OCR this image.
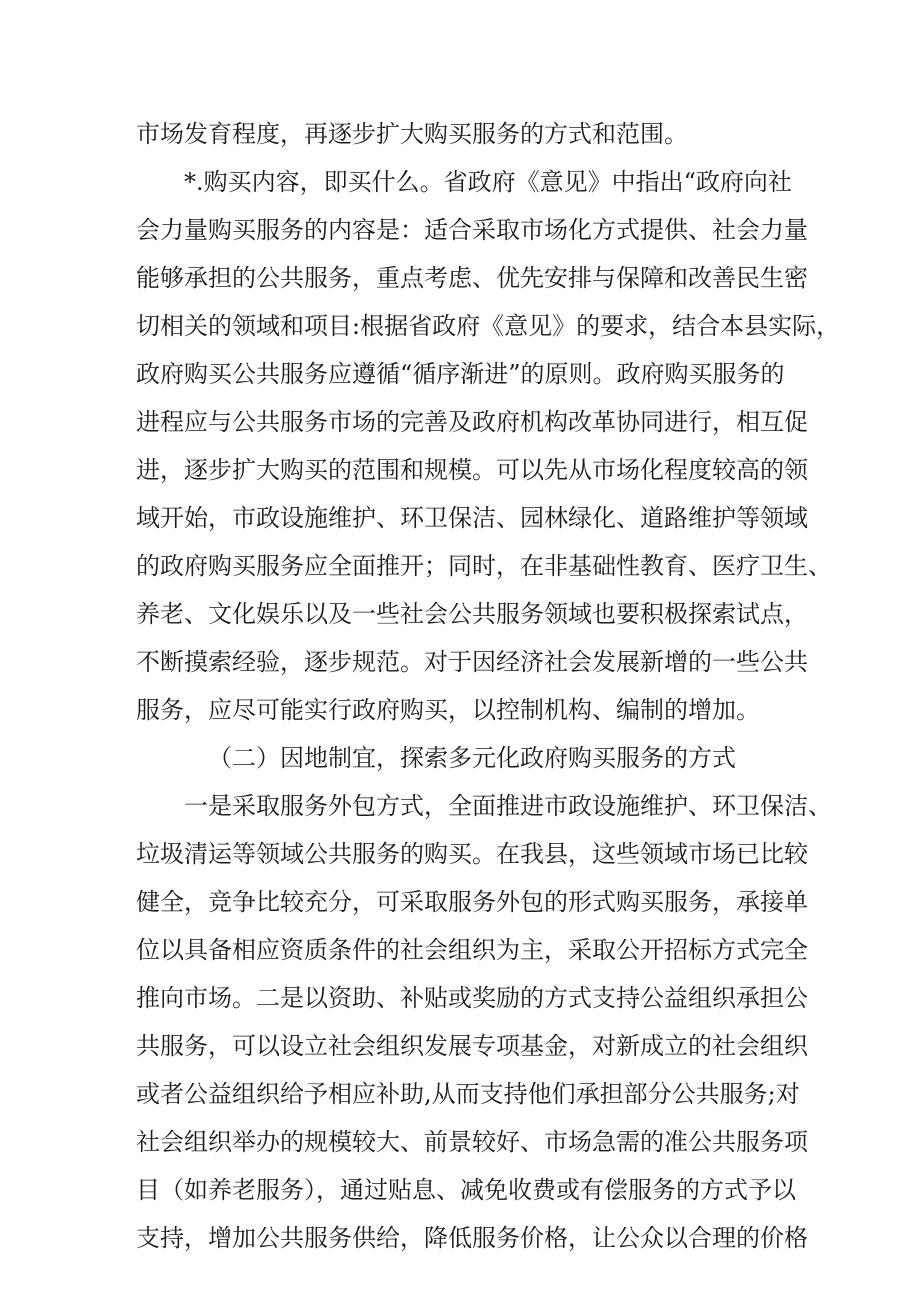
市场发育程度，再逐步扩大购买服务的方式和范围。
*.购买内容，即买什么。省政府《意见》中指出“政府向社
会力量购买服务的内容是：适合采取市场化方式提供、社会力量
能够承担的公共服务，重点考虑、优先安排与保障和改善民生密
切相关的领域和项目:根据省政府《意见》的要求，结合本县实际，
政府购买公共服务应遵循“循序渐进”的原则。政府购买服务的
进程应与公共服务市场的完善及政府机构改革协同进行，相互促
进，逐步扩大购买的范围和规模。可以先从市场化程度较高的领
域开始，市政设施维护、环卫保洁、园林绿化、道路维护等领域
的政府购买服务应全面推开；同时，在非基础性教育、医疗卫生、
养老、文化娱乐以及一些社会公共服务领域也要积极探索试点，
不断摸索经验，逐步规范。对于因经济社会发展新增的一些公共
服务，应尽可能实行政府购买，以控制机构、编制的增加。
（二）因地制宜，探索多元化政府购买服务的方式
一是采取服务外包方式，全面推进市政设施维护、环卫保洁、
垃圾清运等领域公共服务的购买。在我县，这些领域市场已比较
健全，竞争比较充分，可采取服务外包的形式购买服务，承接单
位以具备相应资质条件的社会组织为主，采取公开招标方式完全
推向市场。二是以资助、补贴或奖励的方式支持公益组织承担公
共服务，可以设立社会组织发展专项基金，对新成立的社会组织
或者公益组织给予相应补助,从而支持他们承担部分公共服务;对
社会组织举办的规模较大、前景较好、市场急需的准公共服务项
目（如养老服务），通过贴息、减免收费或有偿服务的方式予以
支持，增加公共服务供给，降低服务价格，让公众以合理的价格
